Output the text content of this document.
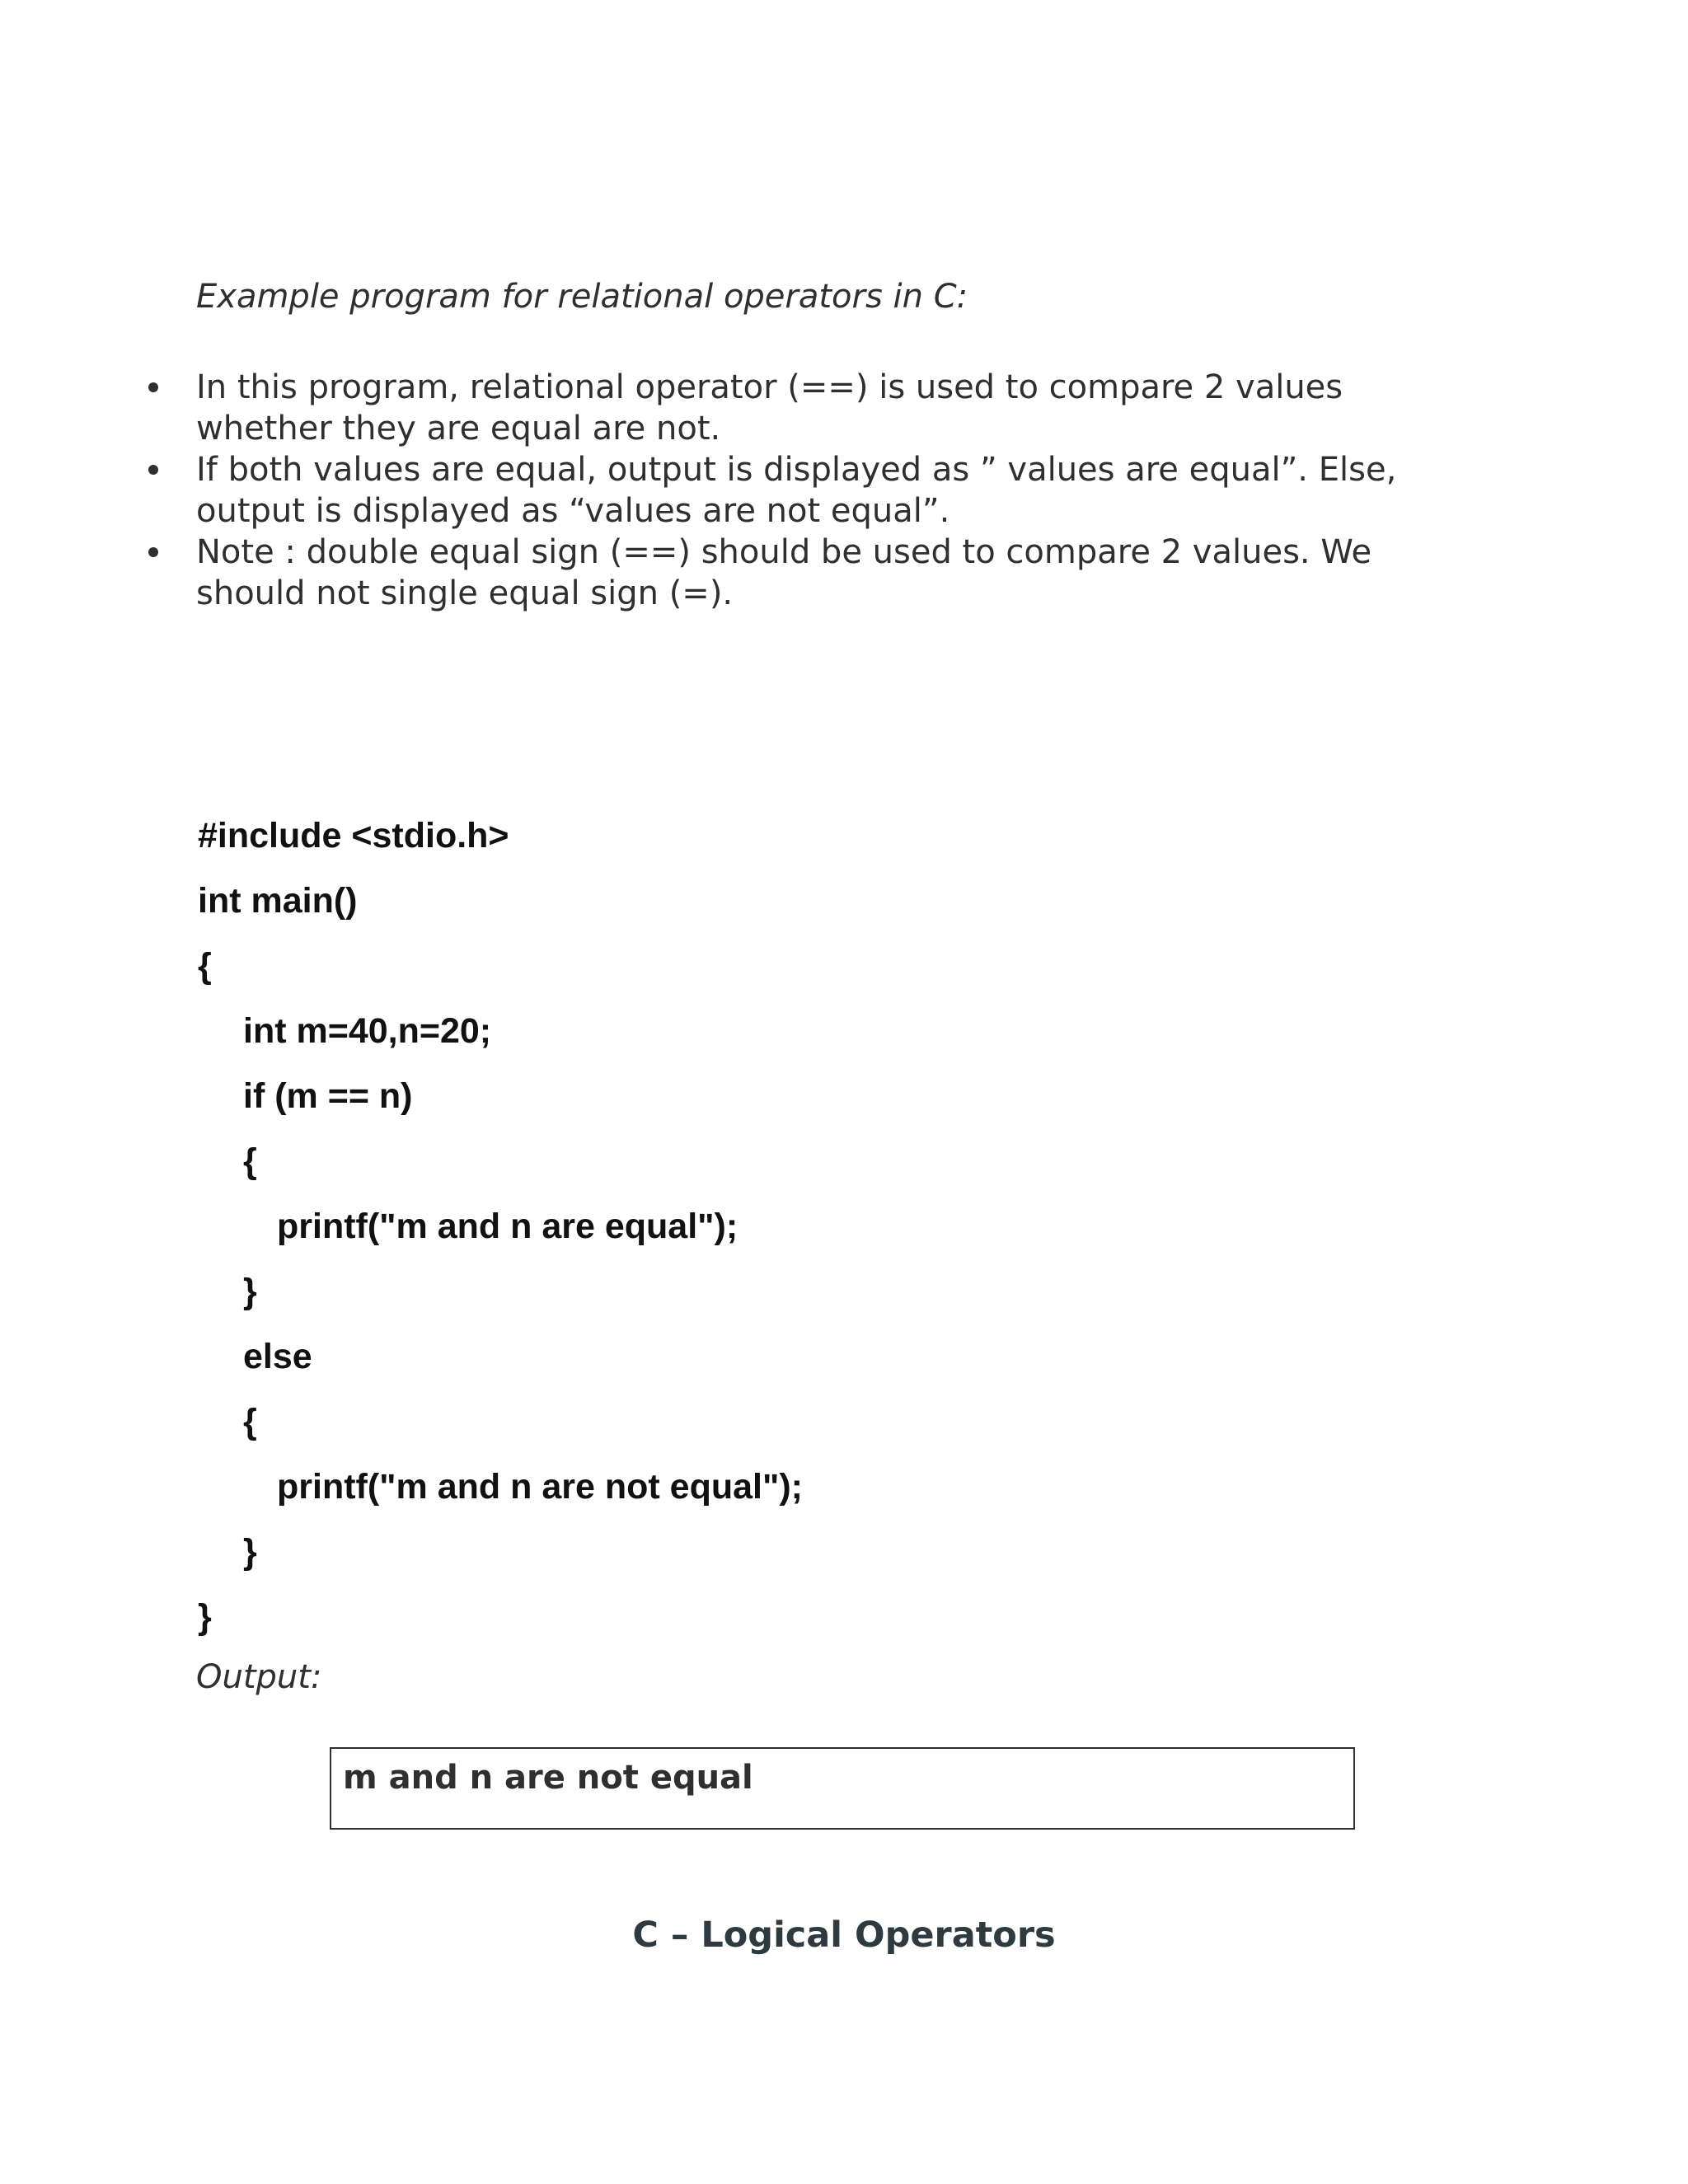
Example program for relational operators in C:
In this program, relational operator (==) is used to compare 2 values whether they are equal are not.
If both values are equal, output is displayed as ” values are equal”. Else, output is displayed as “values are not equal”.
Note : double equal sign (==) should be used to compare 2 values. We should not single equal sign (=).
#include <stdio.h>
int main()
{
int m=40,n=20;
if (m == n)
{
printf("m and n are equal");
}
else
{
printf("m and n are not equal");
}
}
Output:
m and n are not equal
C – Logical Operators
